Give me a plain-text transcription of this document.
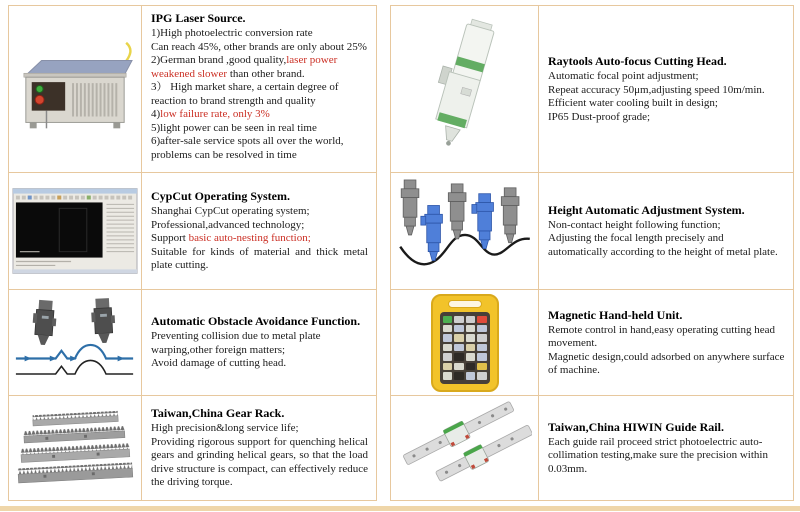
IPG Laser Source.

1)High photoelectric conversion rate

Can reach 45%, other brands are only about 25%

2)German brand ,good quality,laser power weakened slower than other brand.

3） High market share, a certain degree of reaction to brand strength and quality

4)low failure rate, only 3%

5)light power can be seen in real time

6)after-sale service spots all over the world, problems can be resolved in time

CypCut Operating System.

Shanghai CypCut operating system;

Professional,advanced technology;

Support basic auto-nesting function;

Suitable for kinds of material and thick metal plate cutting.

Automatic Obstacle Avoidance Function.

Preventing collision due to metal plate warping,other foreign matters;

Avoid damage of cutting head.

Taiwan,China Gear Rack.

High precision&long service life;

Providing rigorous support for quenching helical gears and grinding helical gears, so that the load drive structure is compact, can effectively reduce the driving torque.

Raytools Auto-focus Cutting Head.

Automatic focal point adjustment;

Repeat accuracy 50μm,adjusting speed 10m/min.

Efficient water cooling built in design;

IP65 Dust-proof grade;

Height Automatic Adjustment System.

Non-contact height following function;

Adjusting the focal length precisely and automatically according to the height of metal plate.

Magnetic Hand-held Unit.

Remote control in hand,easy operating cutting head movement.

Magnetic design,could adsorbed on anywhere surface of machine.

Taiwan,China HIWIN Guide Rail.

Each guide rail proceed strict photoelectric auto-collimation testing,make sure the precision within 0.03mm.
